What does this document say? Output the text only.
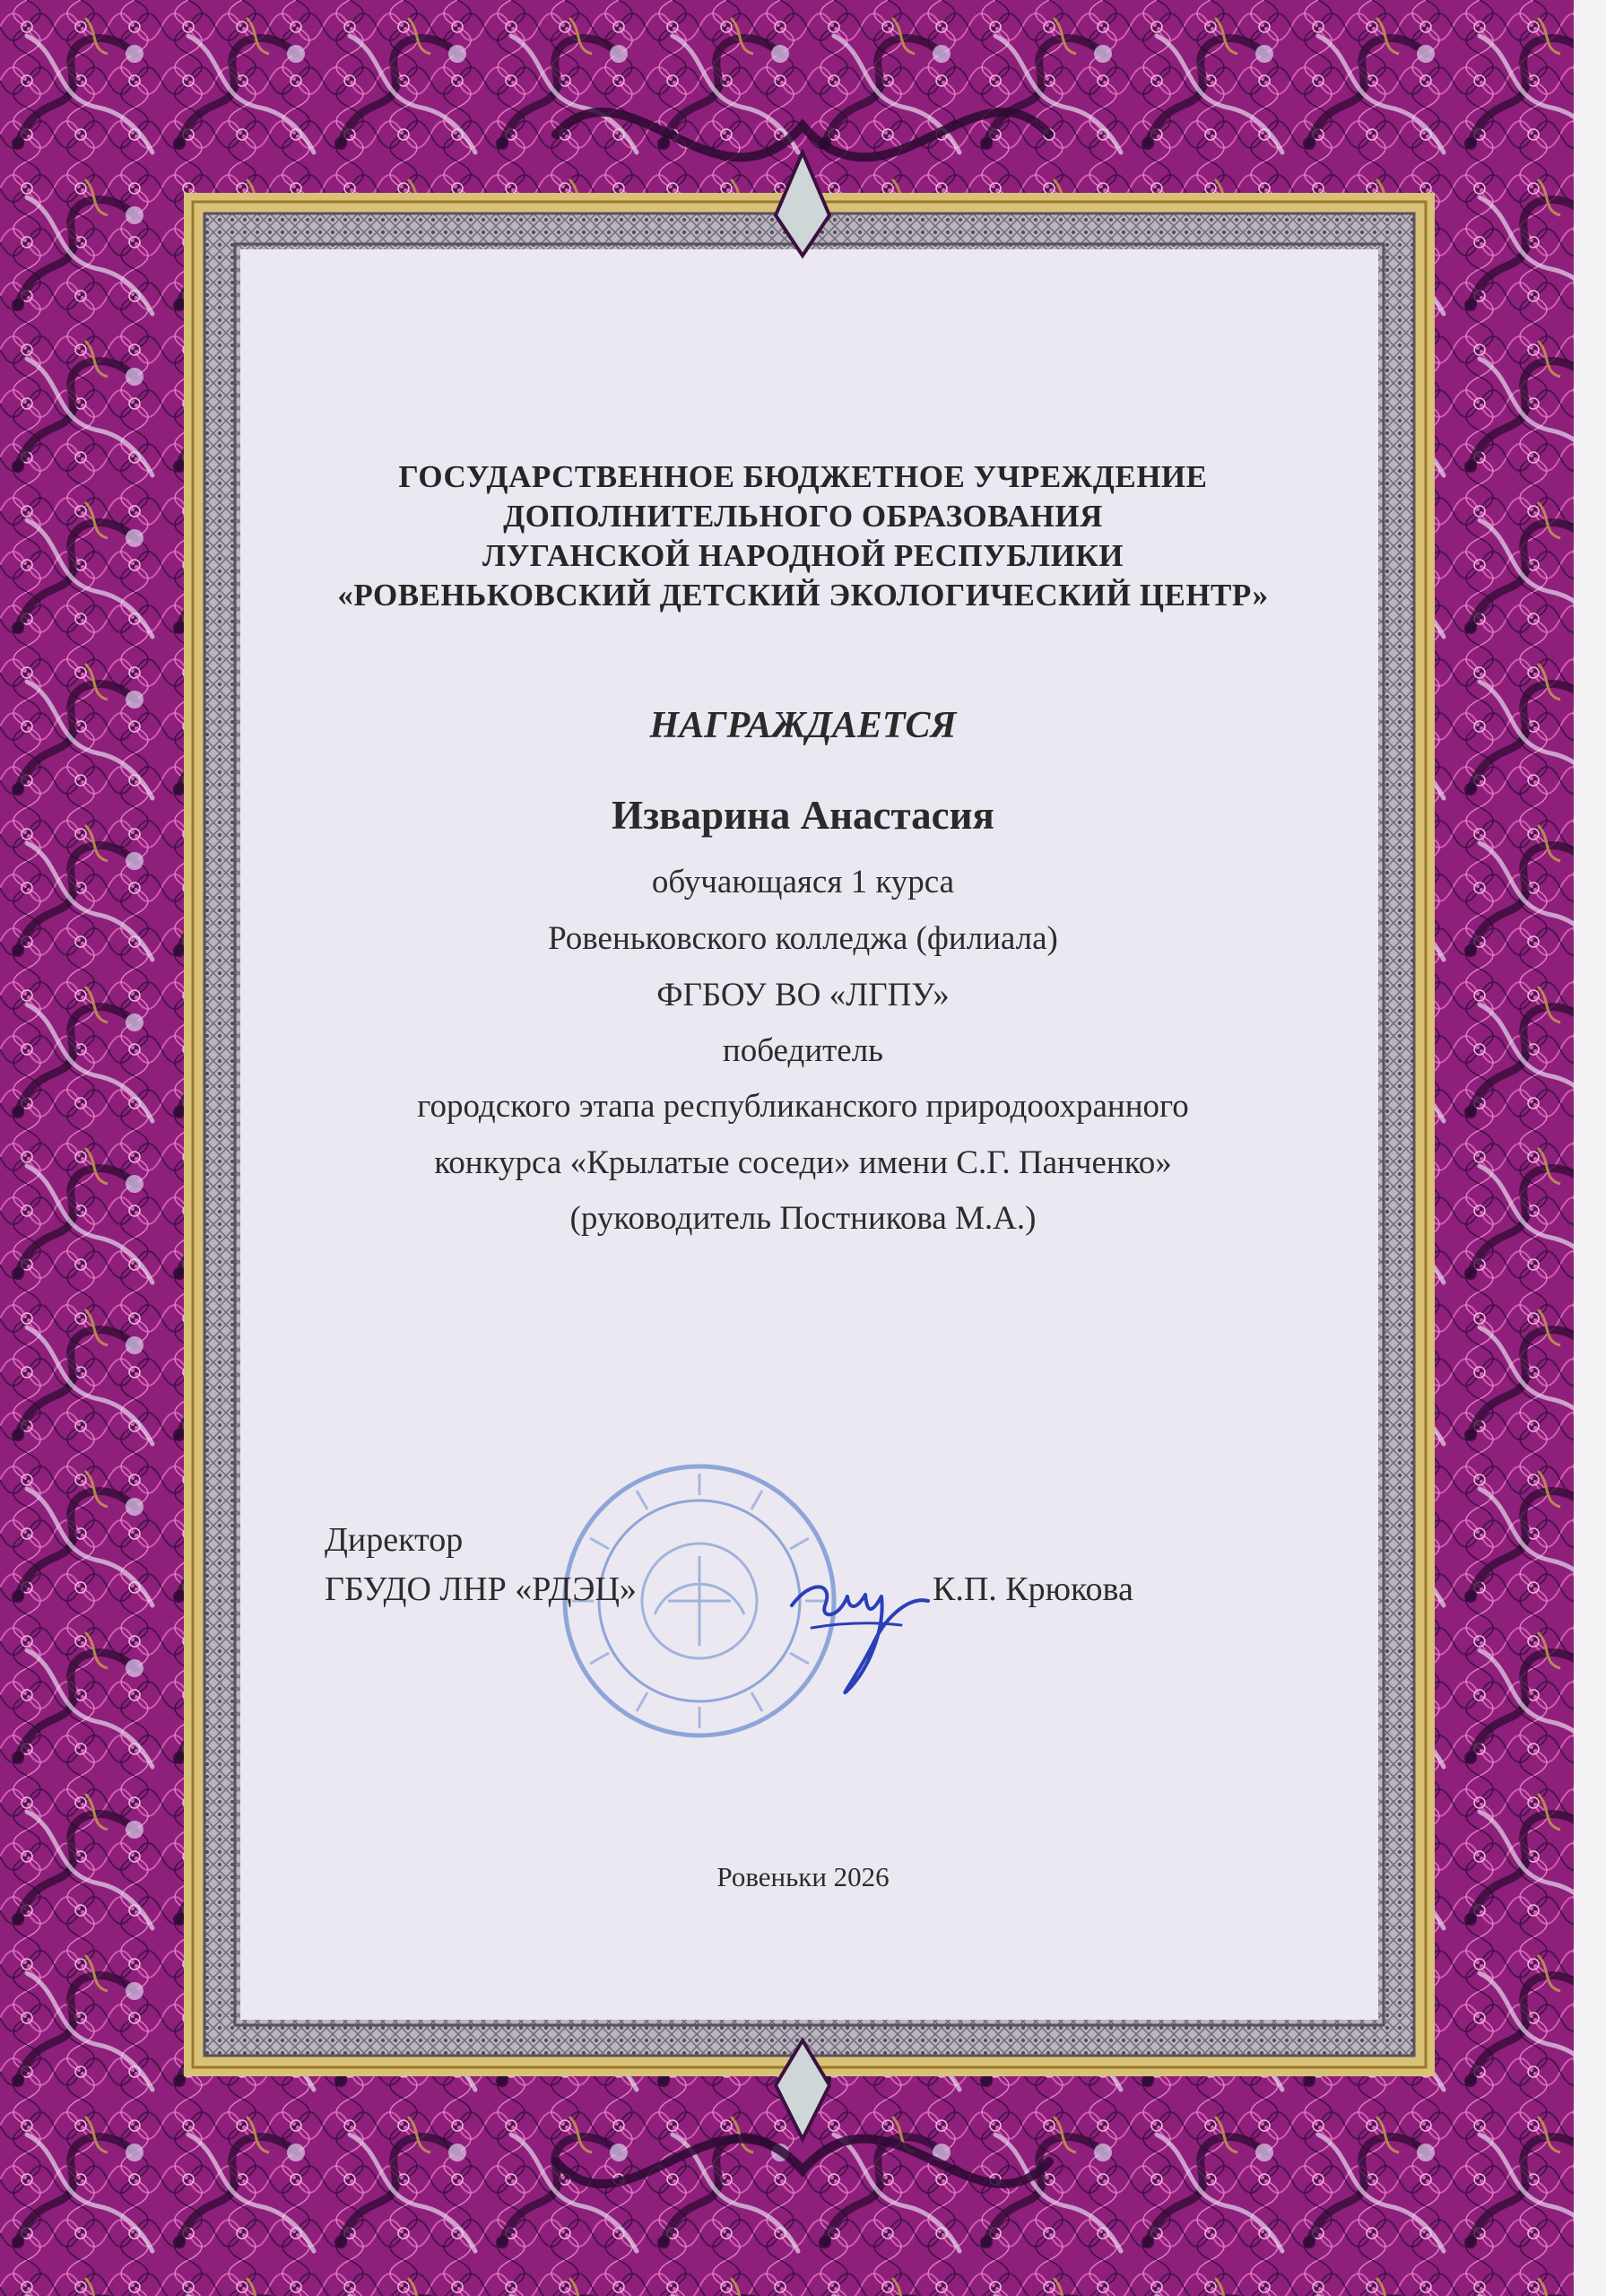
ГОСУДАРСТВЕННОЕ БЮДЖЕТНОЕ УЧРЕЖДЕНИЕ
ДОПОЛНИТЕЛЬНОГО ОБРАЗОВАНИЯ
ЛУГАНСКОЙ НАРОДНОЙ РЕСПУБЛИКИ
«РОВЕНЬКОВСКИЙ ДЕТСКИЙ ЭКОЛОГИЧЕСКИЙ ЦЕНТР»
НАГРАЖДАЕТСЯ
Изварина Анастасия
обучающаяся 1 курса
Ровеньковского колледжа (филиала)
ФГБОУ ВО «ЛГПУ»
победитель
городского этапа республиканского природоохранного
конкурса «Крылатые соседи» имени С.Г. Панченко»
(руководитель Постникова М.А.)
Директор
ГБУДО ЛНР «РДЭЦ»	К.П. Крюкова
Ровеньки 2026
